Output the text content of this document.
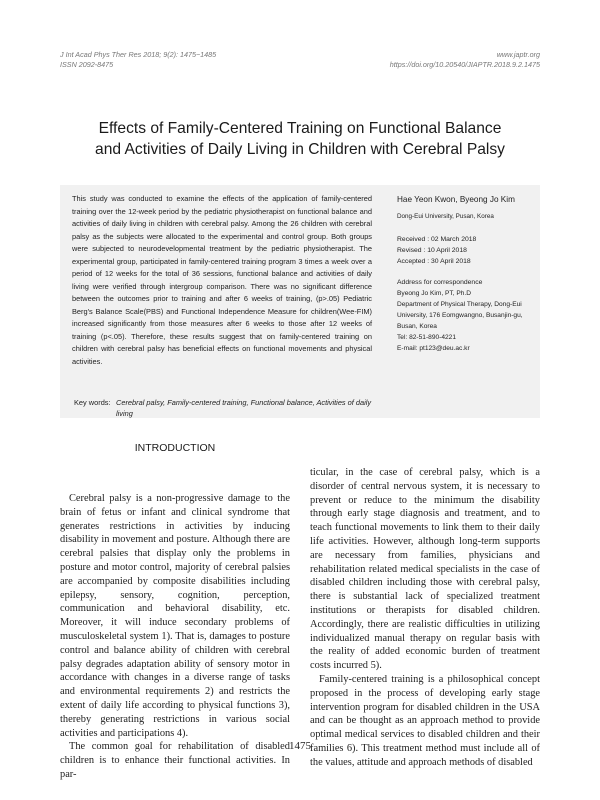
J Int Acad Phys Ther Res 2018; 9(2): 1475~1485
ISSN 2092-8475
www.japtr.org
https://doi.org/10.20540/JIAPTR.2018.9.2.1475
Effects of Family-Centered Training on Functional Balance
and Activities of Daily Living in Children with Cerebral Palsy
This study was conducted to examine the effects of the application of family-centered training over the 12-week period by the pediatric physiotherapist on functional balance and activities of daily living in children with cerebral palsy. Among the 26 children with cerebral palsy as the subjects were allocated to the experimental and control group. Both groups were subjected to neurodevelopmental treatment by the pediatric physiotherapist. The experimental group, participated in family-centered training program 3 times a week over a period of 12 weeks for the total of 36 sessions, functional balance and activities of daily living were verified through intergroup comparison. There was no significant difference between the outcomes prior to training and after 6 weeks of training, (p>.05) Pediatric Berg's Balance Scale(PBS) and Functional Independence Measure for children(Wee-FIM) increased significantly from those measures after 6 weeks to those after 12 weeks of training (p<.05). Therefore, these results suggest that on family-centered training on children with cerebral palsy has beneficial effects on functional movements and physical activities.
Hae Yeon Kwon, Byeong Jo Kim
Dong-Eui University, Pusan, Korea
Received : 02 March 2018
Revised : 10 April 2018
Accepted : 30 April 2018
Address for correspondence
Byeong Jo Kim, PT, Ph.D
Department of Physical Therapy, Dong-Eui University, 176 Eomgwangno, Busanjin-gu, Busan, Korea
Tel: 82-51-890-4221
E-mail: pt123@deu.ac.kr
Key words: Cerebral palsy, Family-centered training, Functional balance, Activities of daily living
INTRODUCTION

Cerebral palsy is a non-progressive damage to the brain of fetus or infant and clinical syndrome that generates restrictions in activities by inducing disability in movement and posture. Although there are cerebral palsies that display only the problems in posture and motor control, majority of cerebral palsies are accompanied by composite disabilities including epilepsy, sensory, cognition, perception, communication and behavioral disability, etc. Moreover, it will induce secondary problems of musculoskeletal system 1). That is, damages to posture control and balance ability of children with cerebral palsy degrades adaptation ability of sensory motor in accordance with changes in a diverse range of tasks and environmental requirements 2) and restricts the extent of daily life according to physical functions 3), thereby generating restrictions in various social activities and participations 4).

The common goal for rehabilitation of disabled children is to enhance their functional activities. In par-

ticular, in the case of cerebral palsy, which is a disorder of central nervous system, it is necessary to prevent or reduce to the minimum the disability through early stage diagnosis and treatment, and to teach functional movements to link them to their daily life activities. However, although long-term supports are necessary from families, physicians and rehabilitation related medical specialists in the case of disabled children including those with cerebral palsy, there is substantial lack of specialized treatment institutions or therapists for disabled children. Accordingly, there are realistic difficulties in utilizing individualized manual therapy on regular basis with the reality of added economic burden of treatment costs incurred 5).

Family-centered training is a philosophical concept proposed in the process of developing early stage intervention program for disabled children in the USA and can be thought as an approach method to provide optimal medical services to disabled children and their families 6). This treatment method must include all of the values, attitude and approach methods of disabled

1475
